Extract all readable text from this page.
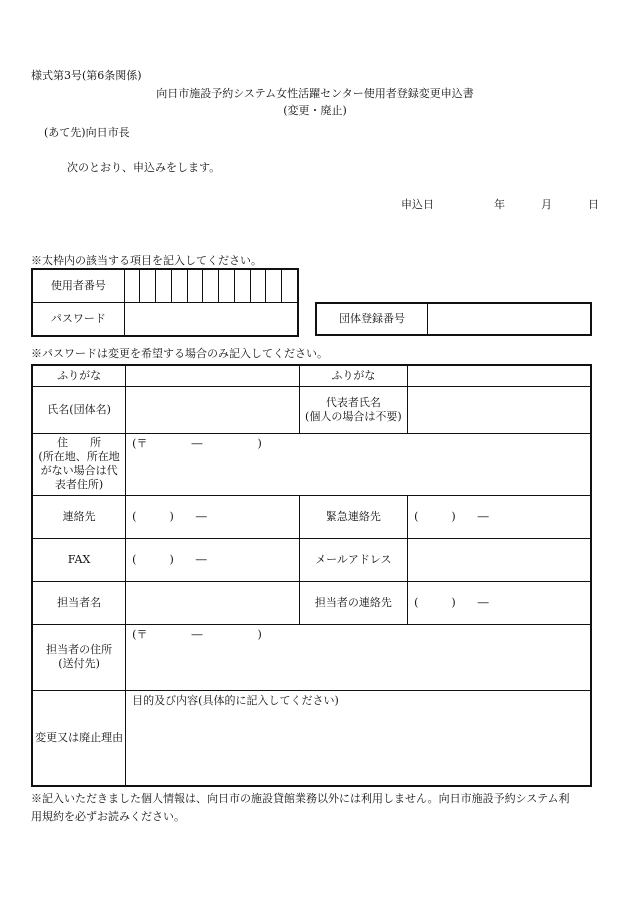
様式第3号(第6条関係)
向日市施設予約システム女性活躍センター使用者登録変更申込書
(変更・廃止)
(あて先)向日市長
次のとおり、申込みをします。
申込日	年	月	日
※太枠内の該当する項目を記入してください。
使用者番号											
パスワード												団体登録番号	
※パスワードは変更を希望する場合のみ記入してください。
ふりがな		ふりがな	
氏名(団体名)		代表者氏名
(個人の場合は不要)	

住　　所
(所在地、所在地
がない場合は代
表者住所)	(〒　　　　―　　　　　)		
連絡先	(　　　)　　―	緊急連絡先	(　　　)　　―
FAX	(　　　)　　―	メールアドレス	
担当者名		担当者の連絡先	(　　　)　　―

担当者の住所
(送付先)	(〒　　　　―　　　　　)		
変更又は廃止理由	目的及び内容(具体的に記入してください)		
※記入いただきました個人情報は、向日市の施設貸館業務以外には利用しません。向日市施設予約システム利
用規約を必ずお読みください。
